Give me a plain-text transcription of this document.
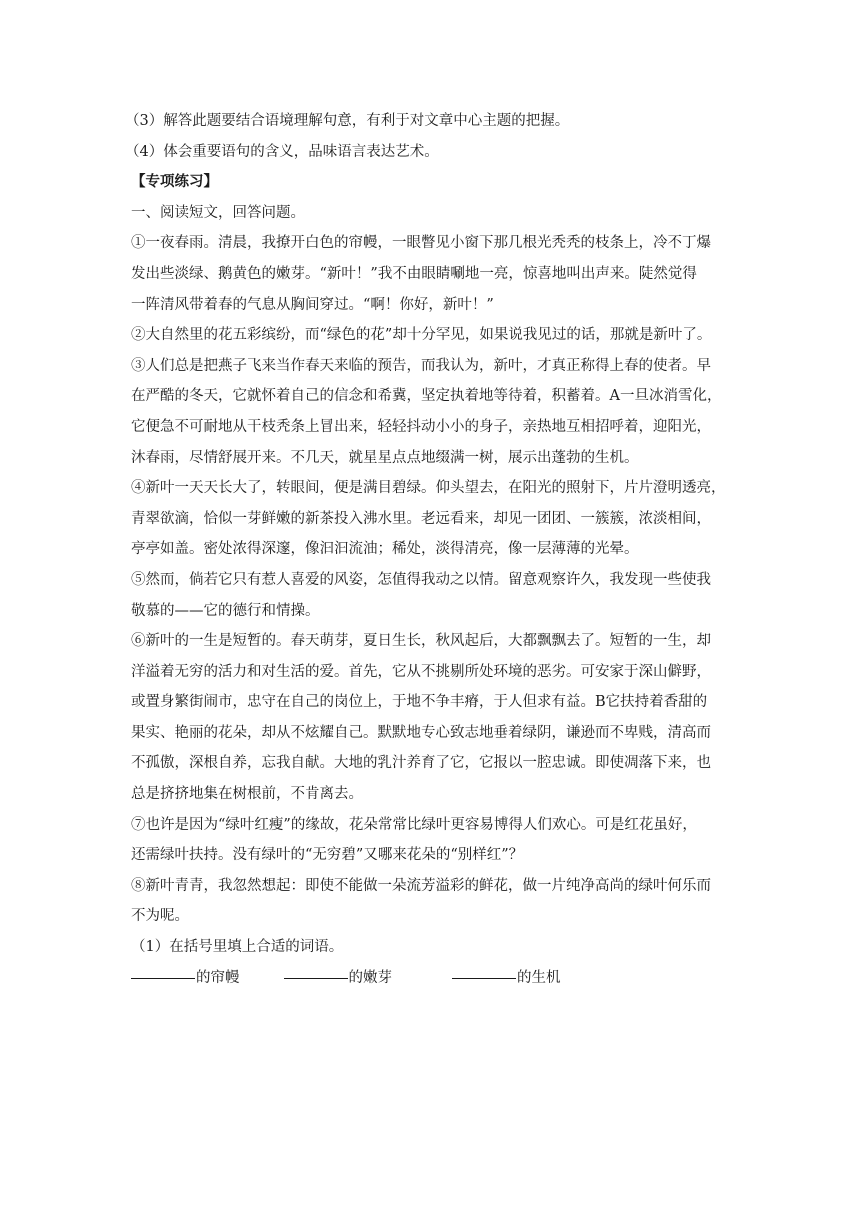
（3）解答此题要结合语境理解句意，有利于对文章中心主题的把握。
（4）体会重要语句的含义，品味语言表达艺术。
【专项练习】
一、阅读短文，回答问题。
①一夜春雨。清晨，我撩开白色的帘幔，一眼瞥见小窗下那几根光秃秃的枝条上，冷不丁爆
发出些淡绿、鹅黄色的嫩芽。“新叶！”我不由眼睛唰地一亮，惊喜地叫出声来。陡然觉得
一阵清风带着春的气息从胸间穿过。“啊！你好，新叶！”
②大自然里的花五彩缤纷，而“绿色的花”却十分罕见，如果说我见过的话，那就是新叶了。
③人们总是把燕子飞来当作春天来临的预告，而我认为，新叶，才真正称得上春的使者。早
在严酷的冬天，它就怀着自己的信念和希冀，坚定执着地等待着，积蓄着。A一旦冰消雪化，
它便急不可耐地从干枝秃条上冒出来，轻轻抖动小小的身子，亲热地互相招呼着，迎阳光，
沐春雨，尽情舒展开来。不几天，就星星点点地缀满一树，展示出蓬勃的生机。
④新叶一天天长大了，转眼间，便是满目碧绿。仰头望去，在阳光的照射下，片片澄明透亮，
青翠欲滴，恰似一芽鲜嫩的新茶投入沸水里。老远看来，却见一团团、一簇簇，浓淡相间，
亭亭如盖。密处浓得深邃，像汩汩流油；稀处，淡得清亮，像一层薄薄的光晕。
⑤然而，倘若它只有惹人喜爱的风姿，怎值得我动之以情。留意观察许久，我发现一些使我
敬慕的——它的德行和情操。
⑥新叶的一生是短暂的。春天萌芽，夏日生长，秋风起后，大都飘飘去了。短暂的一生，却
洋溢着无穷的活力和对生活的爱。首先，它从不挑剔所处环境的恶劣。可安家于深山僻野，
或置身繁街闹市，忠守在自己的岗位上，于地不争丰瘠，于人但求有益。B它扶持着香甜的
果实、艳丽的花朵，却从不炫耀自己。默默地专心致志地垂着绿阴，谦逊而不卑贱，清高而
不孤傲，深根自养，忘我自献。大地的乳汁养育了它，它报以一腔忠诚。即使凋落下来，也
总是挤挤地集在树根前，不肯离去。
⑦也许是因为“绿叶红瘦”的缘故，花朵常常比绿叶更容易博得人们欢心。可是红花虽好，
还需绿叶扶持。没有绿叶的“无穷碧”又哪来花朵的“别样红”？
⑧新叶青青，我忽然想起：即使不能做一朵流芳溢彩的鲜花，做一片纯净高尚的绿叶何乐而
不为呢。
（1）在括号里填上合适的词语。
的帘幔	的嫩芽	的生机
